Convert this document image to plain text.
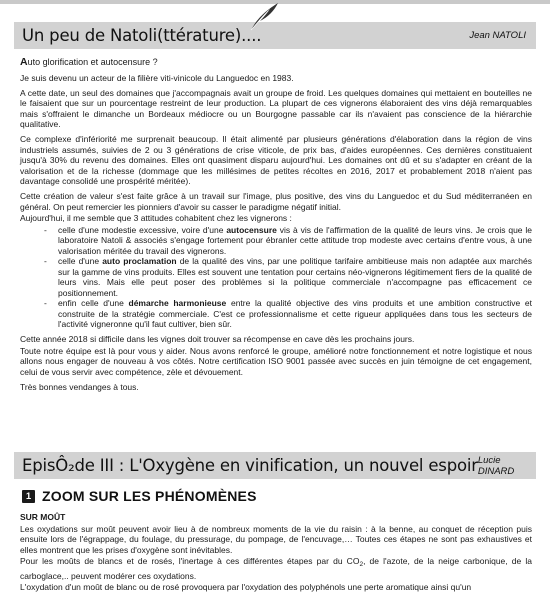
Un peu de Natoli(ttérature)....	Jean NATOLI

Auto glorification et autocensure ?

Je suis devenu un acteur de la filière viti-vinicole du Languedoc en 1983.

A cette date, un seul des domaines que j'accompagnais avait un groupe de froid. Les quelques domaines qui mettaient en bouteilles ne le faisaient que sur un pourcentage restreint de leur production. La plupart de ces vignerons élaboraient des vins déjà remarquables mais s'offraient le dimanche un Bordeaux médiocre ou un Bourgogne passable car ils n'avaient pas conscience de la hiérarchie qualitative.

Ce complexe d'infériorité me surprenait beaucoup. Il était alimenté par plusieurs générations d'élaboration dans la région de vins industriels assumés, suivies de 2 ou 3 générations de crise viticole, de prix bas, d'aides européennes. Ces dernières constituaient jusqu'à 30% du revenu des domaines. Elles ont quasiment disparu aujourd'hui. Les domaines ont dû et su s'adapter en créant de la valorisation et de la richesse (dommage que les millésimes de petites récoltes en 2016, 2017 et probablement 2018 n'aient pas davantage consolidé une prospérité méritée).

Cette création de valeur s'est faite grâce à un travail sur l'image, plus positive, des vins du Languedoc et du Sud méditerranéen en général. On peut remercier les pionniers d'avoir su casser le paradigme négatif initial.

Aujourd'hui, il me semble que 3 attitudes cohabitent chez les vignerons :

- celle d'une modestie excessive, voire d'une autocensure vis à vis de l'affirmation de la qualité de leurs vins. Je crois que le laboratoire Natoli & associés s'engage fortement pour ébranler cette attitude trop modeste avec certains d'entre vous, à une valorisation méritée du travail des vignerons.
- celle d'une auto proclamation de la qualité des vins, par une politique tarifaire ambitieuse mais non adaptée aux marchés sur la gamme de vins produits. Elles est souvent une tentation pour certains néo-vignerons légitimement fiers de la qualité de leurs vins. Mais elle peut poser des problèmes si la politique commerciale n'accompagne pas efficacement ce positionnement.
- enfin celle d'une démarche harmonieuse entre la qualité objective des vins produits et une ambition constructive et construite de la stratégie commerciale. C'est ce professionnalisme et cette rigueur appliquées dans tous les secteurs de l'activité vigneronne qu'il faut cultiver, bien sûr.

Cette année 2018 si difficile dans les vignes doit trouver sa récompense en cave dès les prochains jours.

Toute notre équipe est là pour vous y aider. Nous avons renforcé le groupe, amélioré notre fonctionnement et notre logistique et nous allons nous engager de nouveau à vos côtés. Notre certification ISO 9001 passée avec succès en juin témoigne de cet engagement, celui de vous servir avec compétence, zèle et dévouement.

Très bonnes vendanges à tous.

EpisÔ₂de III : L'Oxygène en vinification, un nouvel espoir Lucie DINARD
1 ZOOM SUR LES PHÉNOMÈNES

SUR MOÛT

Les oxydations sur moût peuvent avoir lieu à de nombreux moments de la vie du raisin : à la benne, au conquet de réception puis ensuite lors de l'égrappage, du foulage, du pressurage, du pompage, de l'encuvage,… Toutes ces étapes ne sont pas exhaustives et elles montrent que les prises d'oxygène sont inévitables.

Pour les moûts de blancs et de rosés, l'inertage à ces différentes étapes par du $CO_2$, de l'azote, de la neige carbonique, de la carboglace,.. peuvent modérer ces oxydations.

L'oxydation d'un moût de blanc ou de rosé provoquera par l'oxydation des polyphénols une perte aromatique ainsi qu'un
